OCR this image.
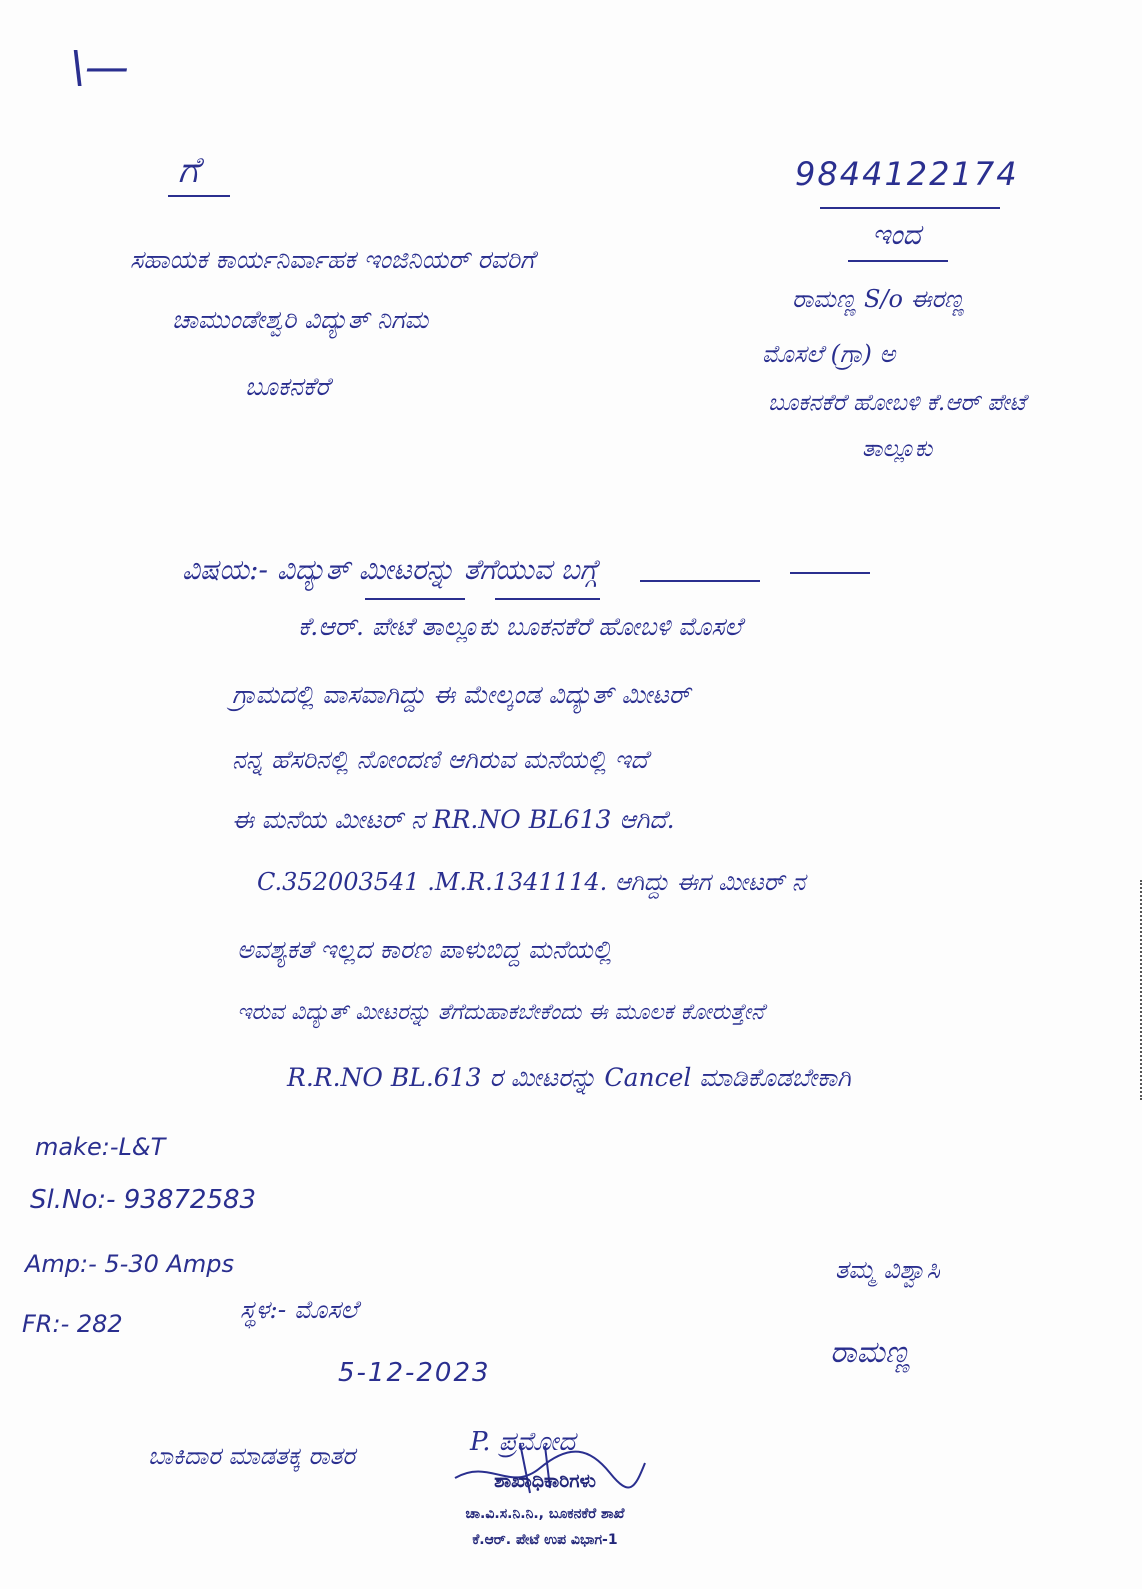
\—
ಗೆ
ಸಹಾಯಕ ಕಾರ್ಯನಿರ್ವಾಹಕ ಇಂಜಿನಿಯರ್ ರವರಿಗೆ
ಚಾಮುಂಡೇಶ್ವರಿ ವಿದ್ಯುತ್ ನಿಗಮ
ಬೂಕನಕೆರೆ
9844122174
ಇಂದ
ರಾಮಣ್ಣ S/o ಈರಣ್ಣ
ಮೊಸಲೆ (ಗ್ರಾ) ಅ
ಬೂಕನಕೆರೆ ಹೋಬಳಿ ಕೆ.ಆರ್ ಪೇಟೆ
ತಾಲ್ಲೂಕು
ವಿಷಯ:- ವಿದ್ಯುತ್ ಮೀಟರನ್ನು ತೆಗೆಯುವ ಬಗ್ಗೆ
ಕೆ.ಆರ್. ಪೇಟೆ ತಾಲ್ಲೂಕು ಬೂಕನಕೆರೆ ಹೋಬಳಿ ಮೊಸಲೆ
ಗ್ರಾಮದಲ್ಲಿ ವಾಸವಾಗಿದ್ದು ಈ ಮೇಲ್ಕಂಡ ವಿದ್ಯುತ್ ಮೀಟರ್
ನನ್ನ ಹೆಸರಿನಲ್ಲಿ ನೋಂದಣಿ ಆಗಿರುವ ಮನೆಯಲ್ಲಿ ಇದೆ
ಈ ಮನೆಯ ಮೀಟರ್ ನ RR.NO BL613 ಆಗಿದೆ.
C.352003541 .M.R.1341114. ಆಗಿದ್ದು ಈಗ ಮೀಟರ್ ನ
ಅವಶ್ಯಕತೆ ಇಲ್ಲದ ಕಾರಣ ಪಾಳುಬಿದ್ದ ಮನೆಯಲ್ಲಿ
ಇರುವ ವಿದ್ಯುತ್ ಮೀಟರನ್ನು ತೆಗೆದುಹಾಕಬೇಕೆಂದು ಈ ಮೂಲಕ ಕೋರುತ್ತೇನೆ
R.R.NO BL.613 ರ ಮೀಟರನ್ನು Cancel ಮಾಡಿಕೊಡಬೇಕಾಗಿ
make:-L&T
Sl.No:- 93872583
Amp:- 5-30 Amps
FR:- 282	ಸ್ಥಳ:- ಮೊಸಲೆ
5-12-2023
ತಮ್ಮ ವಿಶ್ವಾಸಿ
ರಾಮಣ್ಣ
ಬಾಕಿದಾರ ಮಾಡತಕ್ಕ ರಾತರ	P. ಪ್ರಮೋದ
ಶಾಖಾಧಿಕಾರಿಗಳು
ಚಾ.ವಿ.ಸ.ನಿ.ನಿ., ಬೂಕನಕೆರೆ ಶಾಖೆ
ಕೆ.ಆರ್. ಪೇಟೆ ಉಪ ವಿಭಾಗ-1
